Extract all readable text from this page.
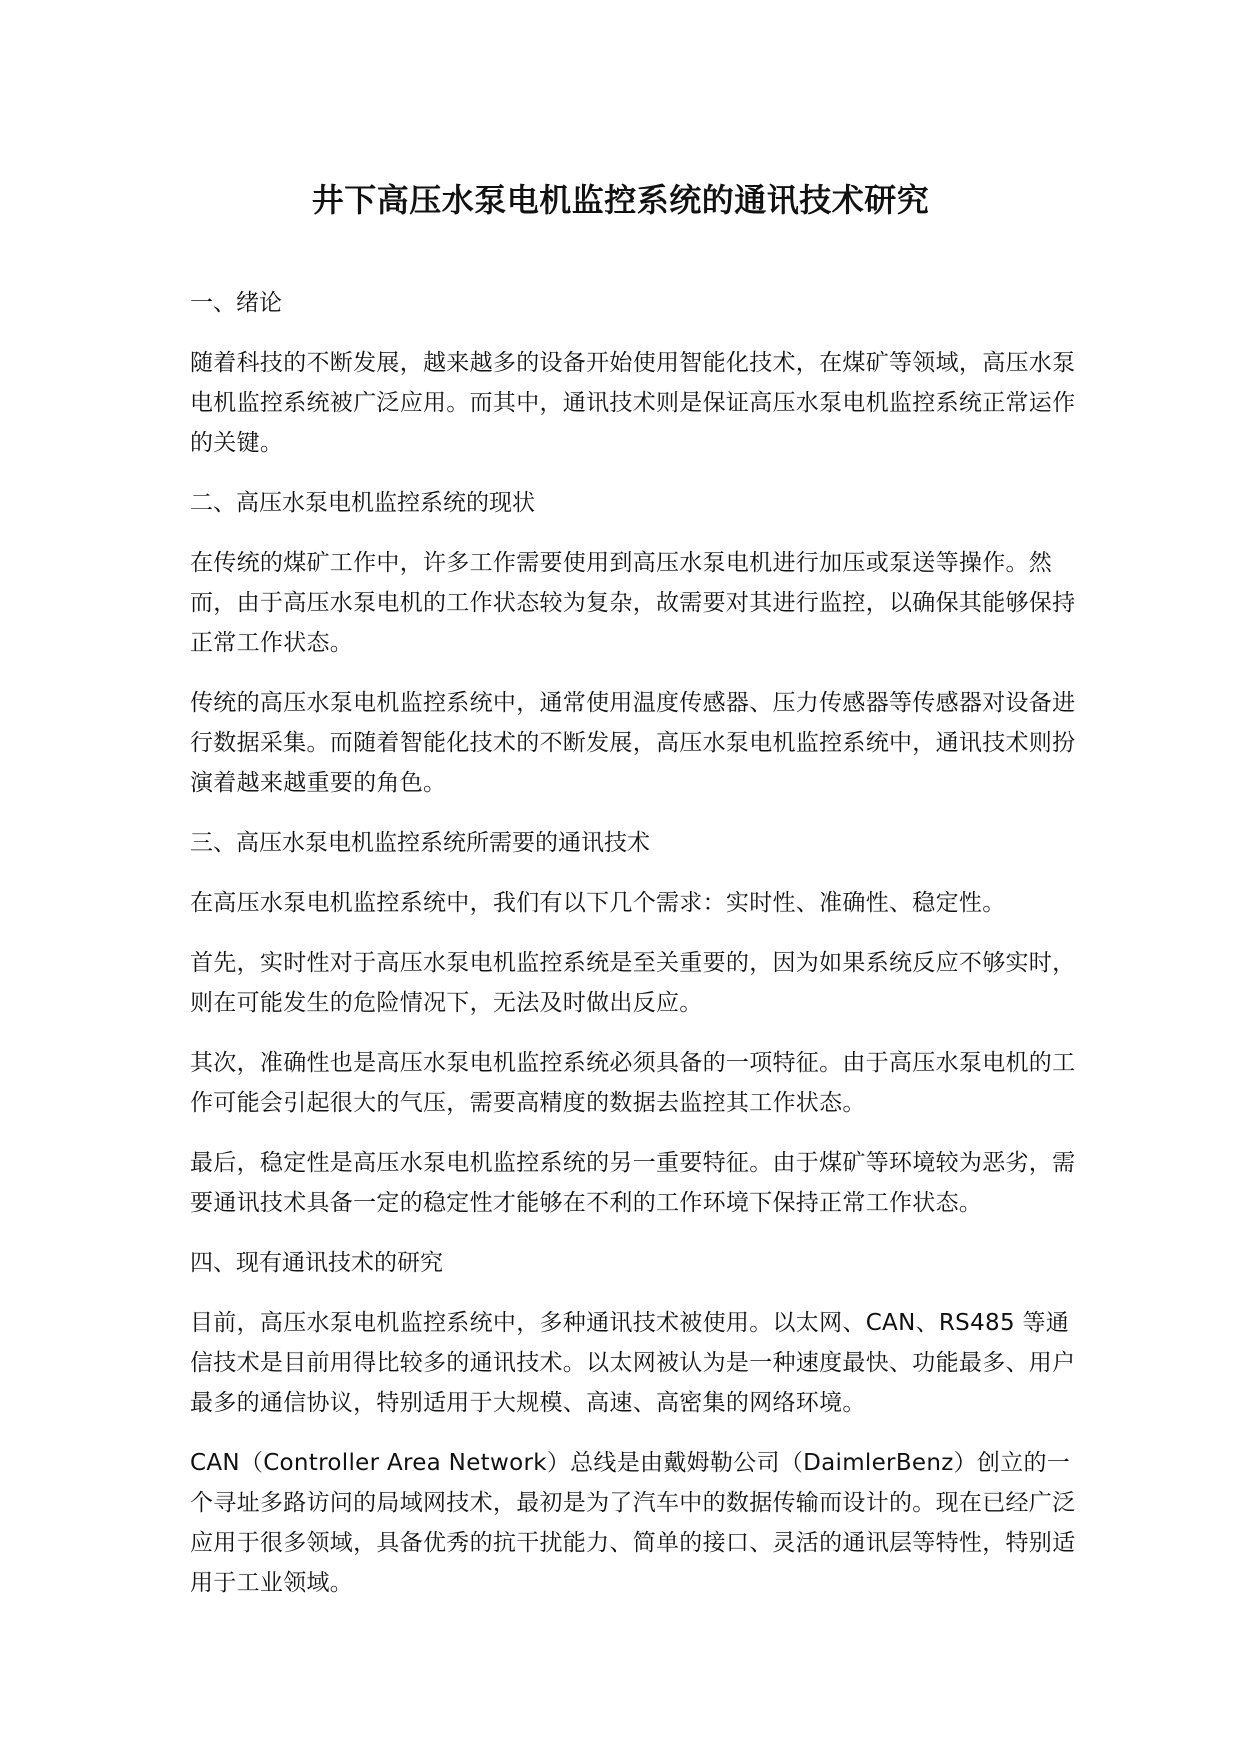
井下高压水泵电机监控系统的通讯技术研究
一、绪论

随着科技的不断发展，越来越多的设备开始使用智能化技术，在煤矿等领域，高压水泵电机监控系统被广泛应用。而其中，通讯技术则是保证高压水泵电机监控系统正常运作的关键。

二、高压水泵电机监控系统的现状

在传统的煤矿工作中，许多工作需要使用到高压水泵电机进行加压或泵送等操作。然而，由于高压水泵电机的工作状态较为复杂，故需要对其进行监控，以确保其能够保持正常工作状态。

传统的高压水泵电机监控系统中，通常使用温度传感器、压力传感器等传感器对设备进行数据采集。而随着智能化技术的不断发展，高压水泵电机监控系统中，通讯技术则扮演着越来越重要的角色。

三、高压水泵电机监控系统所需要的通讯技术

在高压水泵电机监控系统中，我们有以下几个需求：实时性、准确性、稳定性。

首先，实时性对于高压水泵电机监控系统是至关重要的，因为如果系统反应不够实时，则在可能发生的危险情况下，无法及时做出反应。

其次，准确性也是高压水泵电机监控系统必须具备的一项特征。由于高压水泵电机的工作可能会引起很大的气压，需要高精度的数据去监控其工作状态。

最后，稳定性是高压水泵电机监控系统的另一重要特征。由于煤矿等环境较为恶劣，需要通讯技术具备一定的稳定性才能够在不利的工作环境下保持正常工作状态。

四、现有通讯技术的研究

目前，高压水泵电机监控系统中，多种通讯技术被使用。以太网、CAN、RS485 等通信技术是目前用得比较多的通讯技术。以太网被认为是一种速度最快、功能最多、用户最多的通信协议，特别适用于大规模、高速、高密集的网络环境。

CAN（Controller Area Network）总线是由戴姆勒公司（DaimlerBenz）创立的一个寻址多路访问的局域网技术，最初是为了汽车中的数据传输而设计的。现在已经广泛应用于很多领域，具备优秀的抗干扰能力、简单的接口、灵活的通讯层等特性，特别适用于工业领域。
